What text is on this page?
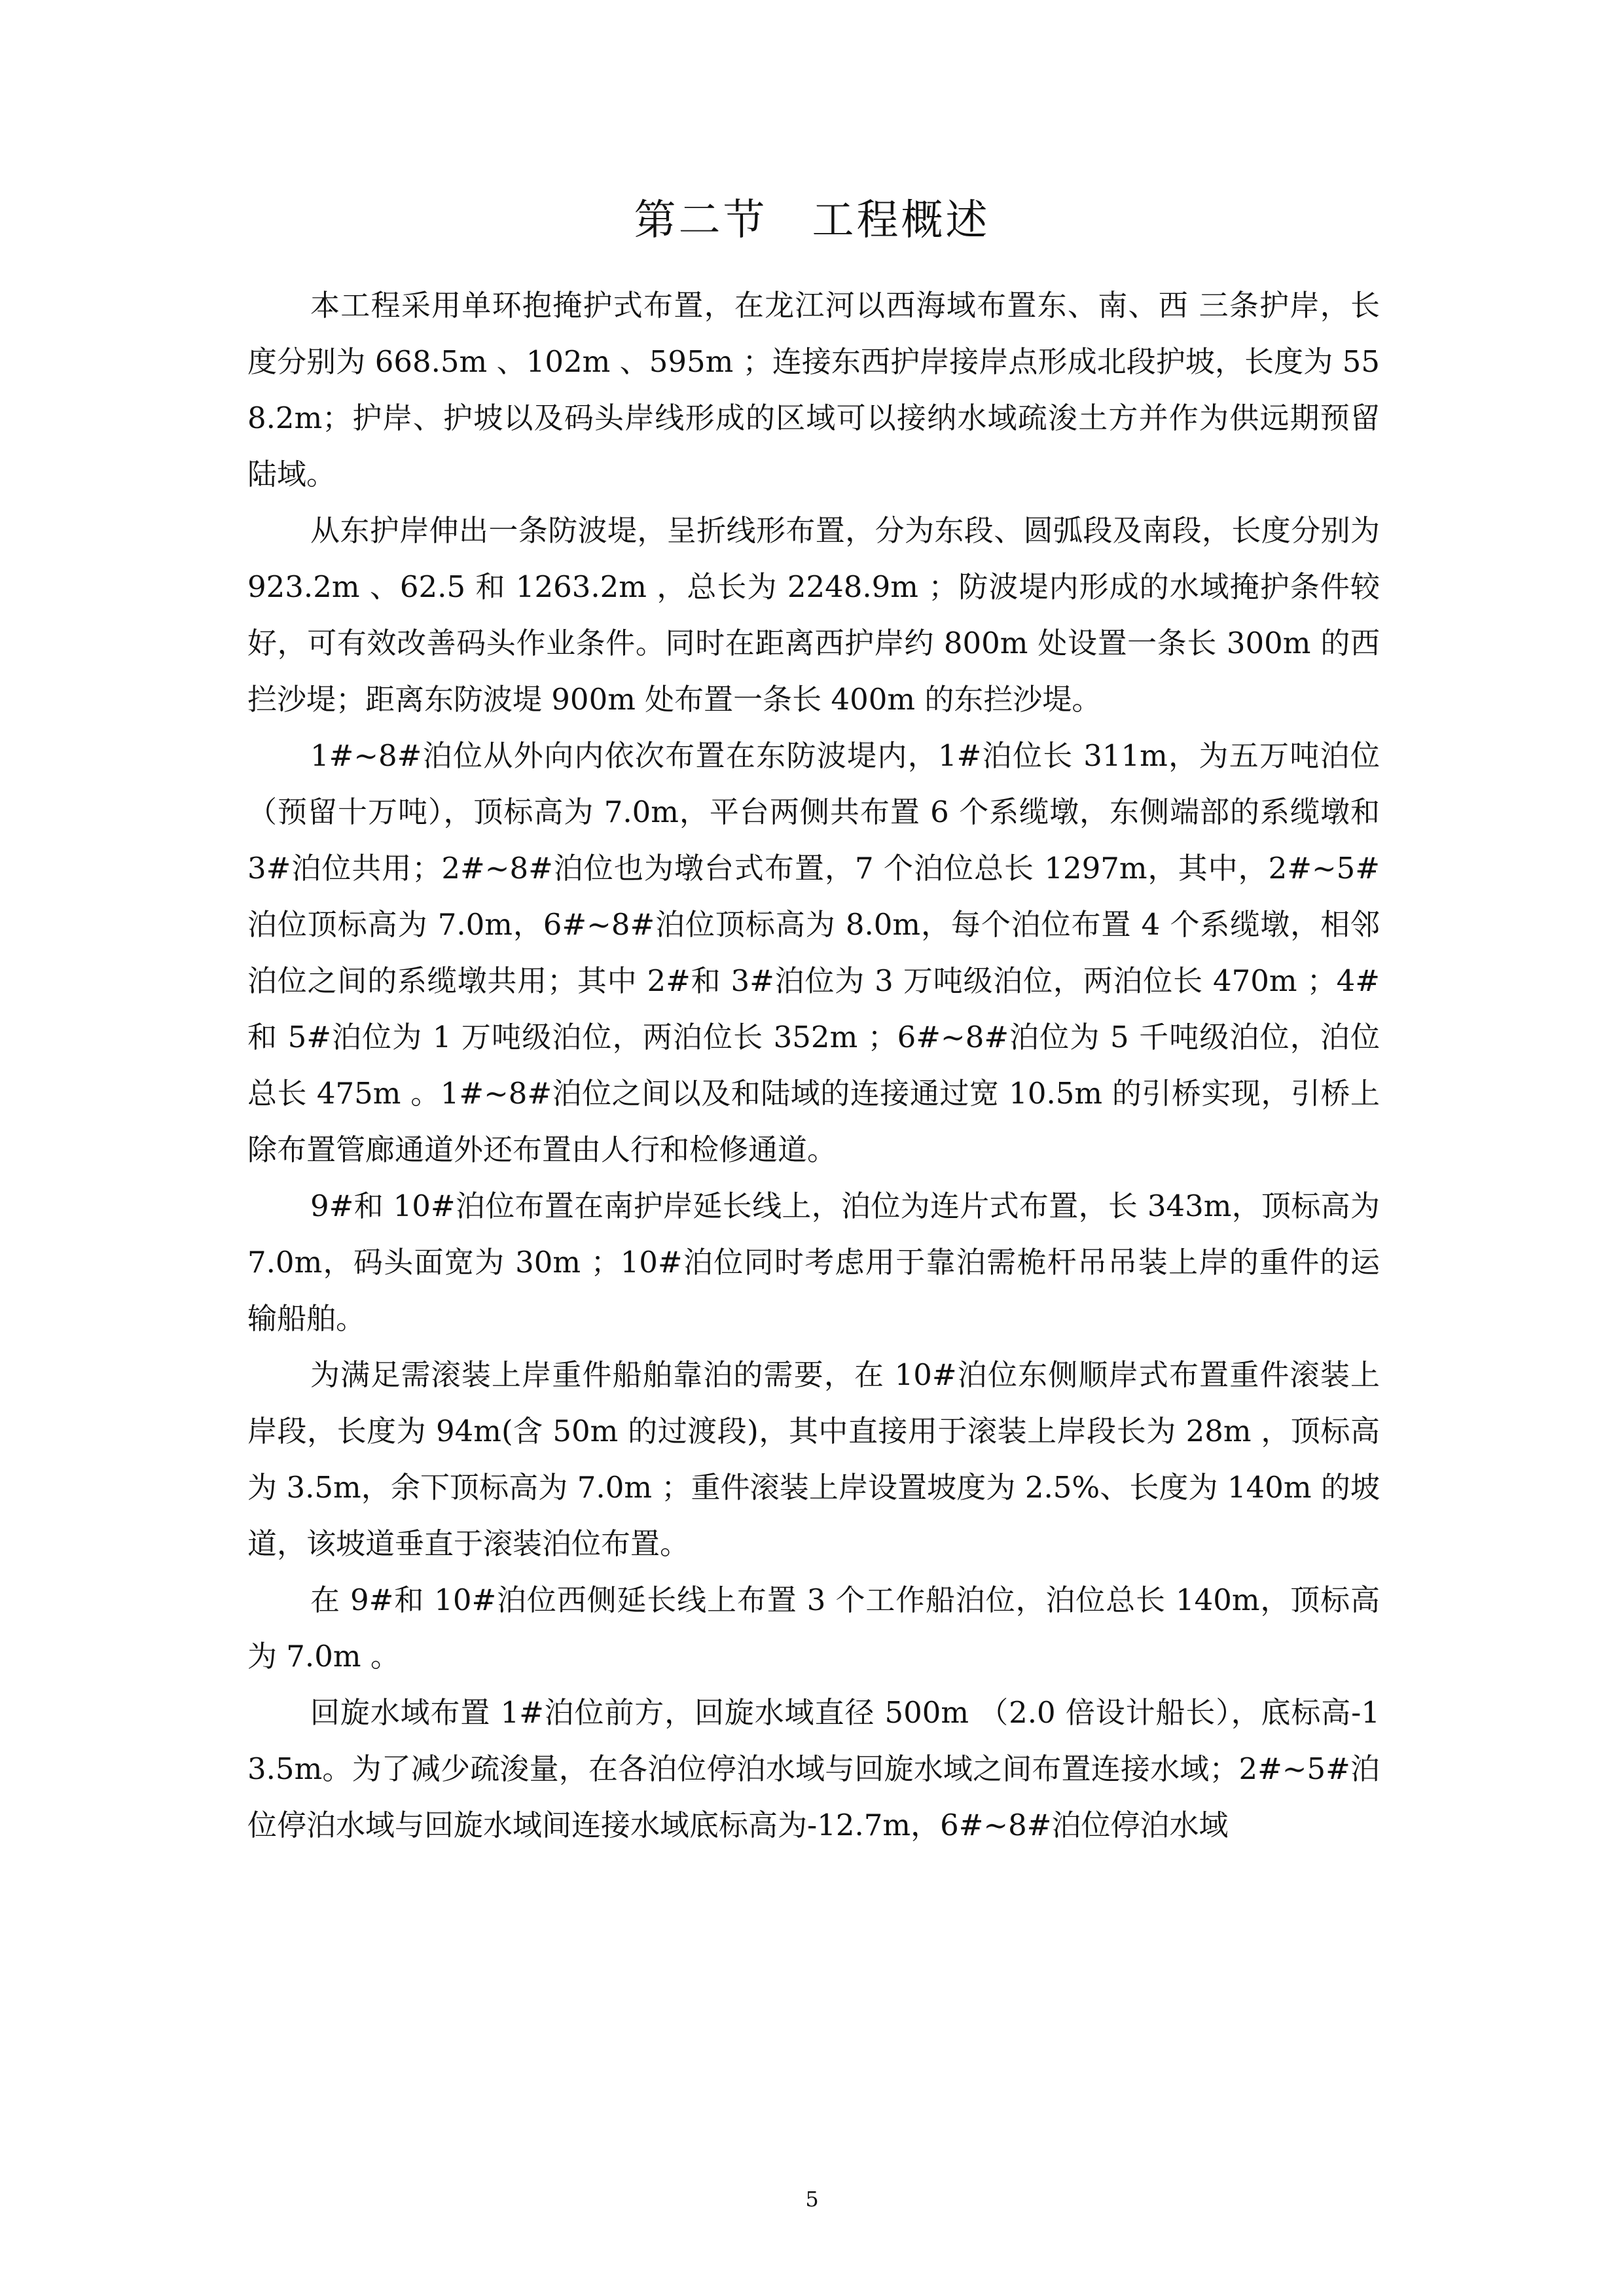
第二节　工程概述

本工程采用单环抱掩护式布置，在龙江河以西海域布置东、南、西 三条护岸，长度分别为 668.5m 、102m 、595m ；连接东西护岸接岸点形成北段护坡，长度为 558.2m；护岸、护坡以及码头岸线形成的区域可以接纳水域疏浚土方并作为供远期预留陆域。

从东护岸伸出一条防波堤，呈折线形布置，分为东段、圆弧段及南段，长度分别为 923.2m 、62.5 和 1263.2m ，总长为 2248.9m ；防波堤内形成的水域掩护条件较好，可有效改善码头作业条件。同时在距离西护岸约 800m 处设置一条长 300m 的西拦沙堤；距离东防波堤 900m 处布置一条长 400m 的东拦沙堤。

1#~8#泊位从外向内依次布置在东防波堤内，1#泊位长 311m，为五万吨泊位（预留十万吨），顶标高为 7.0m，平台两侧共布置 6 个系缆墩，东侧端部的系缆墩和 3#泊位共用；2#~8#泊位也为墩台式布置，7 个泊位总长 1297m，其中，2#~5#泊位顶标高为 7.0m，6#~8#泊位顶标高为 8.0m，每个泊位布置 4 个系缆墩，相邻泊位之间的系缆墩共用；其中 2#和 3#泊位为 3 万吨级泊位，两泊位长 470m ；4#和 5#泊位为 1 万吨级泊位，两泊位长 352m ；6#~8#泊位为 5 千吨级泊位，泊位总长 475m 。1#~8#泊位之间以及和陆域的连接通过宽 10.5m 的引桥实现，引桥上除布置管廊通道外还布置由人行和检修通道。

9#和 10#泊位布置在南护岸延长线上，泊位为连片式布置，长 343m，顶标高为 7.0m，码头面宽为 30m ；10#泊位同时考虑用于靠泊需桅杆吊吊装上岸的重件的运输船舶。

为满足需滚装上岸重件船舶靠泊的需要，在 10#泊位东侧顺岸式布置重件滚装上岸段，长度为 94m(含 50m 的过渡段)，其中直接用于滚装上岸段长为 28m ，顶标高为 3.5m，余下顶标高为 7.0m ；重件滚装上岸设置坡度为 2.5%、长度为 140m 的坡道，该坡道垂直于滚装泊位布置。

在 9#和 10#泊位西侧延长线上布置 3 个工作船泊位，泊位总长 140m，顶标高为 7.0m 。

回旋水域布置 1#泊位前方，回旋水域直径 500m （2.0 倍设计船长），底标高-13.5m。为了减少疏浚量，在各泊位停泊水域与回旋水域之间布置连接水域；2#~5#泊位停泊水域与回旋水域间连接水域底标高为-12.7m，6#~8#泊位停泊水域

5
